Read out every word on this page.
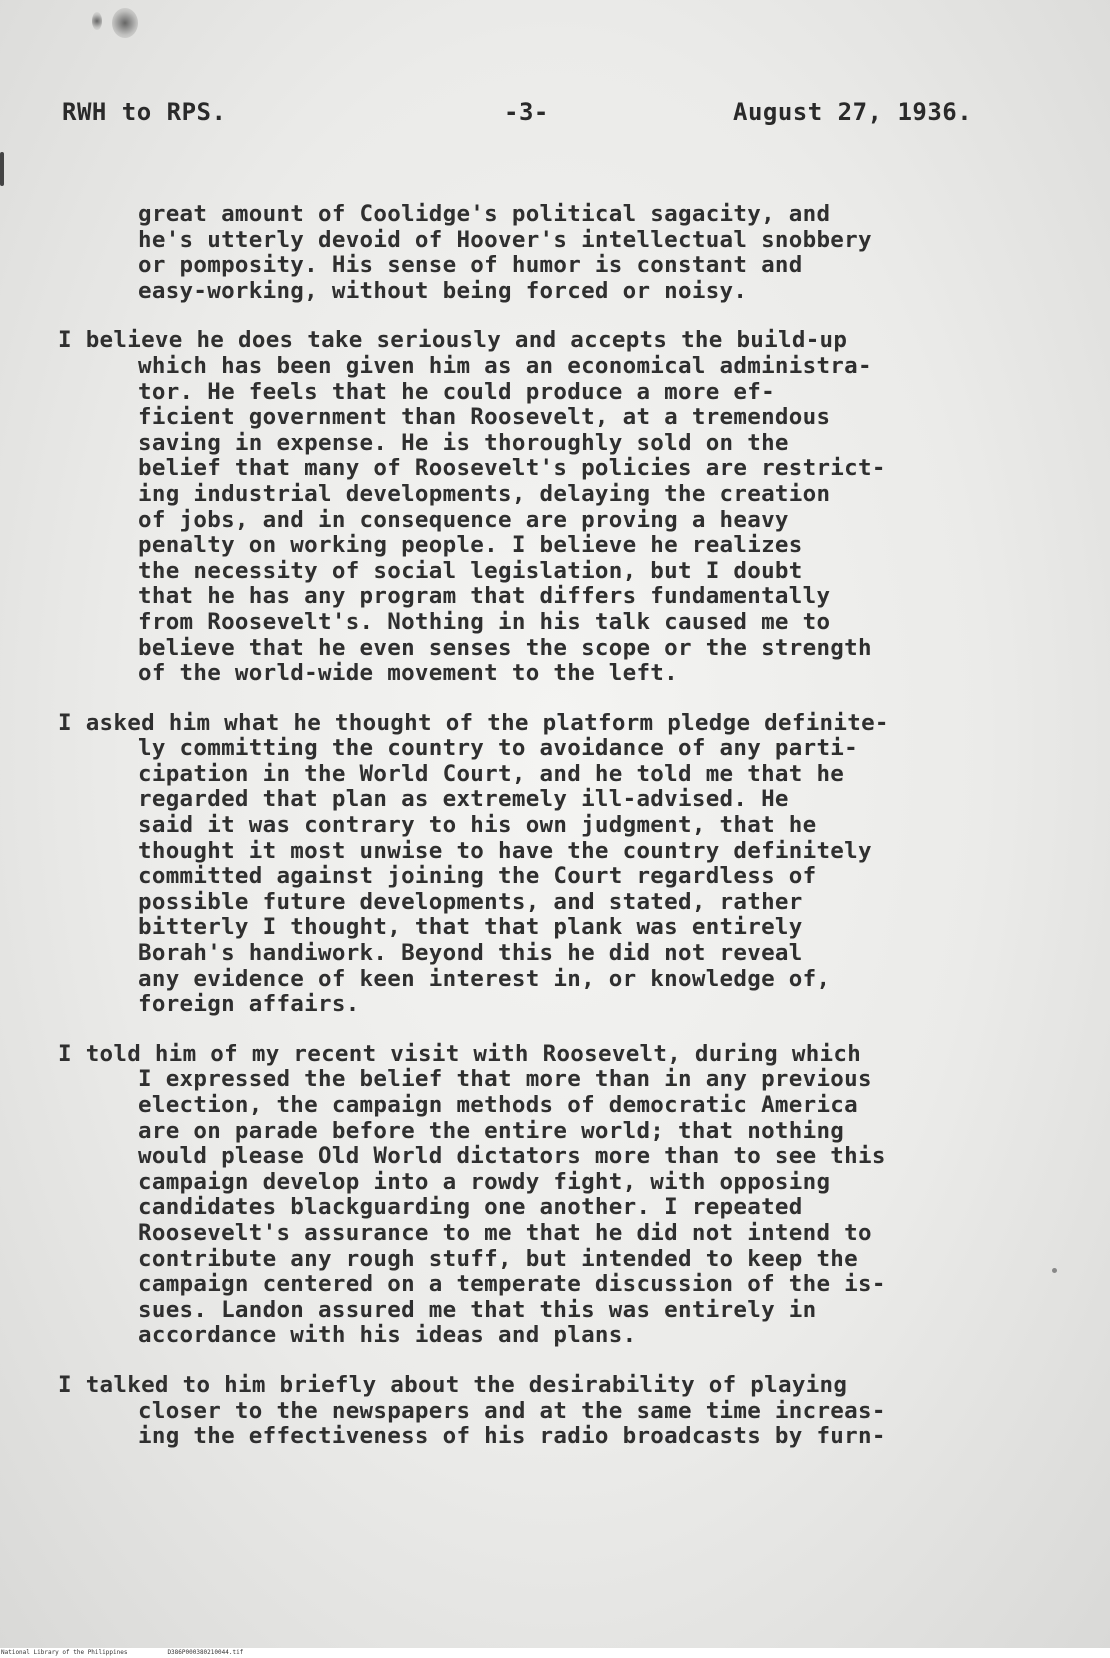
RWH to RPS.	-3-	August 27, 1936.

great amount of Coolidge's political sagacity, and
he's utterly devoid of Hoover's intellectual snobbery
or pomposity. His sense of humor is constant and
easy-working, without being forced or noisy.

I believe he does take seriously and accepts the build-up
which has been given him as an economical administra-
tor. He feels that he could produce a more ef-
ficient government than Roosevelt, at a tremendous
saving in expense. He is thoroughly sold on the
belief that many of Roosevelt's policies are restrict-
ing industrial developments, delaying the creation
of jobs, and in consequence are proving a heavy
penalty on working people. I believe he realizes
the necessity of social legislation, but I doubt
that he has any program that differs fundamentally
from Roosevelt's. Nothing in his talk caused me to
believe that he even senses the scope or the strength
of the world-wide movement to the left.

I asked him what he thought of the platform pledge definite-
ly committing the country to avoidance of any parti-
cipation in the World Court, and he told me that he
regarded that plan as extremely ill-advised. He
said it was contrary to his own judgment, that he
thought it most unwise to have the country definitely
committed against joining the Court regardless of
possible future developments, and stated, rather
bitterly I thought, that that plank was entirely
Borah's handiwork. Beyond this he did not reveal
any evidence of keen interest in, or knowledge of,
foreign affairs.

I told him of my recent visit with Roosevelt, during which
I expressed the belief that more than in any previous
election, the campaign methods of democratic America
are on parade before the entire world; that nothing
would please Old World dictators more than to see this
campaign develop into a rowdy fight, with opposing
candidates blackguarding one another. I repeated
Roosevelt's assurance to me that he did not intend to
contribute any rough stuff, but intended to keep the
campaign centered on a temperate discussion of the is-
sues. Landon assured me that this was entirely in
accordance with his ideas and plans.

I talked to him briefly about the desirability of playing
closer to the newspapers and at the same time increas-
ing the effectiveness of his radio broadcasts by furn-

National Library of the Philippines	D386P000380210044.tif
